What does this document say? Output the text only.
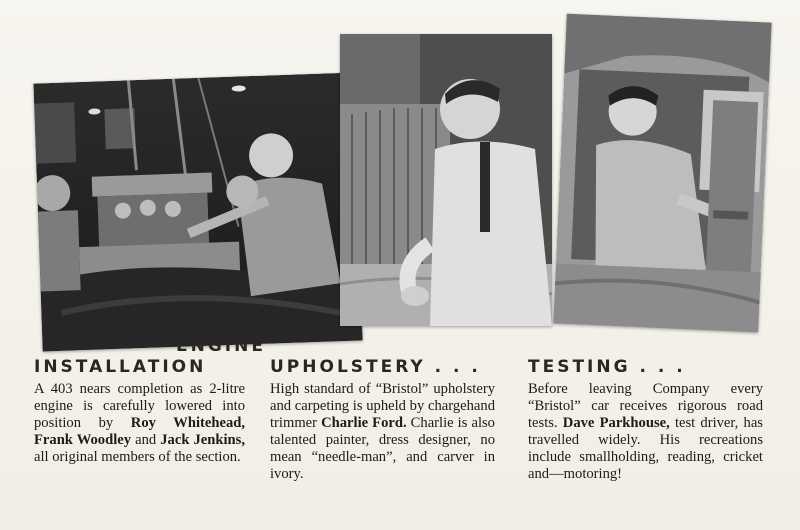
ENGINE
INSTALLATION	UPHOLSTERY . . .	TESTING . . .
A 403 nears completion as 2-litre engine is carefully lowered into position by Roy Whitehead, Frank Woodley and Jack Jenkins, all original members of the section.
High standard of “Bristol” upholstery and carpeting is upheld by chargehand trimmer Charlie Ford. Charlie is also talented painter, dress designer, no mean “needle-man”, and carver in ivory.
Before leaving Company every “Bristol” car receives rigorous road tests. Dave Parkhouse, test driver, has travelled widely. His recreations include smallholding, reading, cricket and—motoring!
